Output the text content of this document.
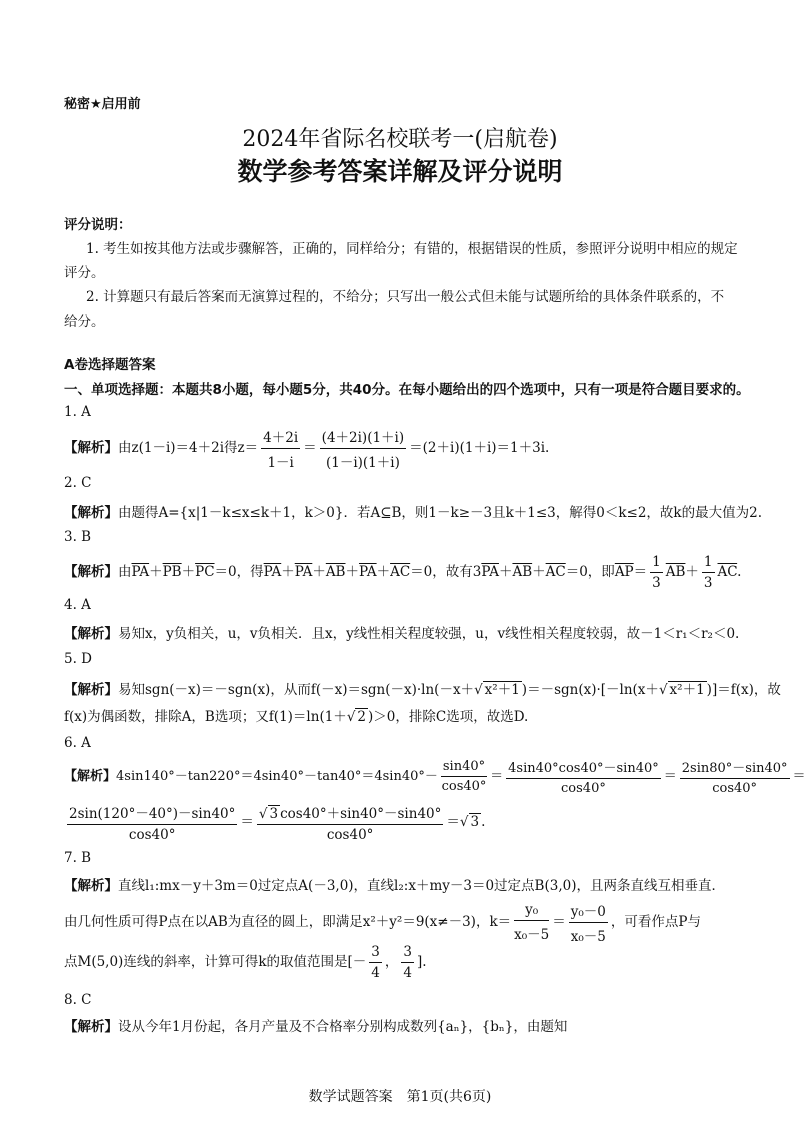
秘密★启用前
2024年省际名校联考一(启航卷)
数学参考答案详解及评分说明
评分说明：
1. 考生如按其他方法或步骤解答，正确的，同样给分；有错的，根据错误的性质，参照评分说明中相应的规定
评分。
2. 计算题只有最后答案而无演算过程的，不给分；只写出一般公式但未能与试题所给的具体条件联系的，不
给分。
A卷选择题答案
一、单项选择题：本题共8小题，每小题5分，共40分。在每小题给出的四个选项中，只有一项是符合题目要求的。
1. A
【解析】由z(1－i)＝4＋2i得$z= \frac{4+2i}{1-i} = \frac{(4+2i)(1+i)}{(1-i)(1+i)} =(2+i)(1+i)=1+3i$.
2. C
【解析】由题得A={x|1－k≤x≤k＋1，k＞0}．若A⊆B，则1－k≥－3且k＋1≤3，解得0＜k≤2，故k的最大值为2.
3. B
【解析】由$\overline{PA}+\overline{PB}+\overline{PC}=0$，得$\overline{PA}+\overline{PA}+\overline{AB}+\overline{PA}+\overline{AC}=0$，故有$3\overline{PA}+\overline{AB}+\overline{AC}=0$，即$\overline{AP}= \frac{1}{3} \overline{AB}+ \frac{1}{3} \overline{AC}$.
4. A
【解析】易知x，y负相关，u，v负相关．且x，y线性相关程度较强，u，v线性相关程度较弱，故－1＜r₁＜r₂＜0.
5. D
【解析】易知sgn(－x)＝－sgn(x)，从而f(－x)＝sgn(－x)·ln(－x＋√ x²＋1 )＝－sgn(x)·[－ln(x＋√ x²＋1 )]＝f(x)，故
f(x)为偶函数，排除A，B选项；又f(1)＝ln(1＋√ 2 )＞0，排除C选项，故选D.
6. A
【解析】$4\sin 140^\circ-\tan 220^\circ=4\sin 40^\circ-\tan 40^\circ=4\sin 40^\circ- \frac{\sin 40^\circ}{\cos 40^\circ} = \frac{4\sin 40^\circ\cos 40^\circ-\sin 40^\circ}{\cos 40^\circ} = \frac{2\sin 80^\circ-\sin 40^\circ}{\cos 40^\circ}$ ＝
$\frac{2\sin(120^\circ-40^\circ)-\sin 40^\circ}{\cos 40^\circ} = \frac{√ 3 \cos 40^\circ+\sin 40^\circ-\sin 40^\circ}{\cos 40^\circ}$ ＝√ 3 .
7. B
【解析】直线l₁:mx－y＋3m＝0过定点A(－3,0)，直线l₂:x＋my－3＝0过定点B(3,0)，且两条直线互相垂直．
由几何性质可得P点在以AB为直径的圆上，即满足x²＋y²＝9(x≠－3)，$k= \frac{\text{y₀}}{\text{x₀－5}} = \frac{\text{y₀－0}}{\text{x₀－5}}$ ，可看作点P与
点M(5,0)连线的斜率，计算可得k的取值范围是[－ $\frac{3}{4}$ ， $\frac{3}{4}$ ].
8. C
【解析】设从今年1月份起，各月产量及不合格率分别构成数列{aₙ}，{bₙ}，由题知
数学试题答案　第1页(共6页)
